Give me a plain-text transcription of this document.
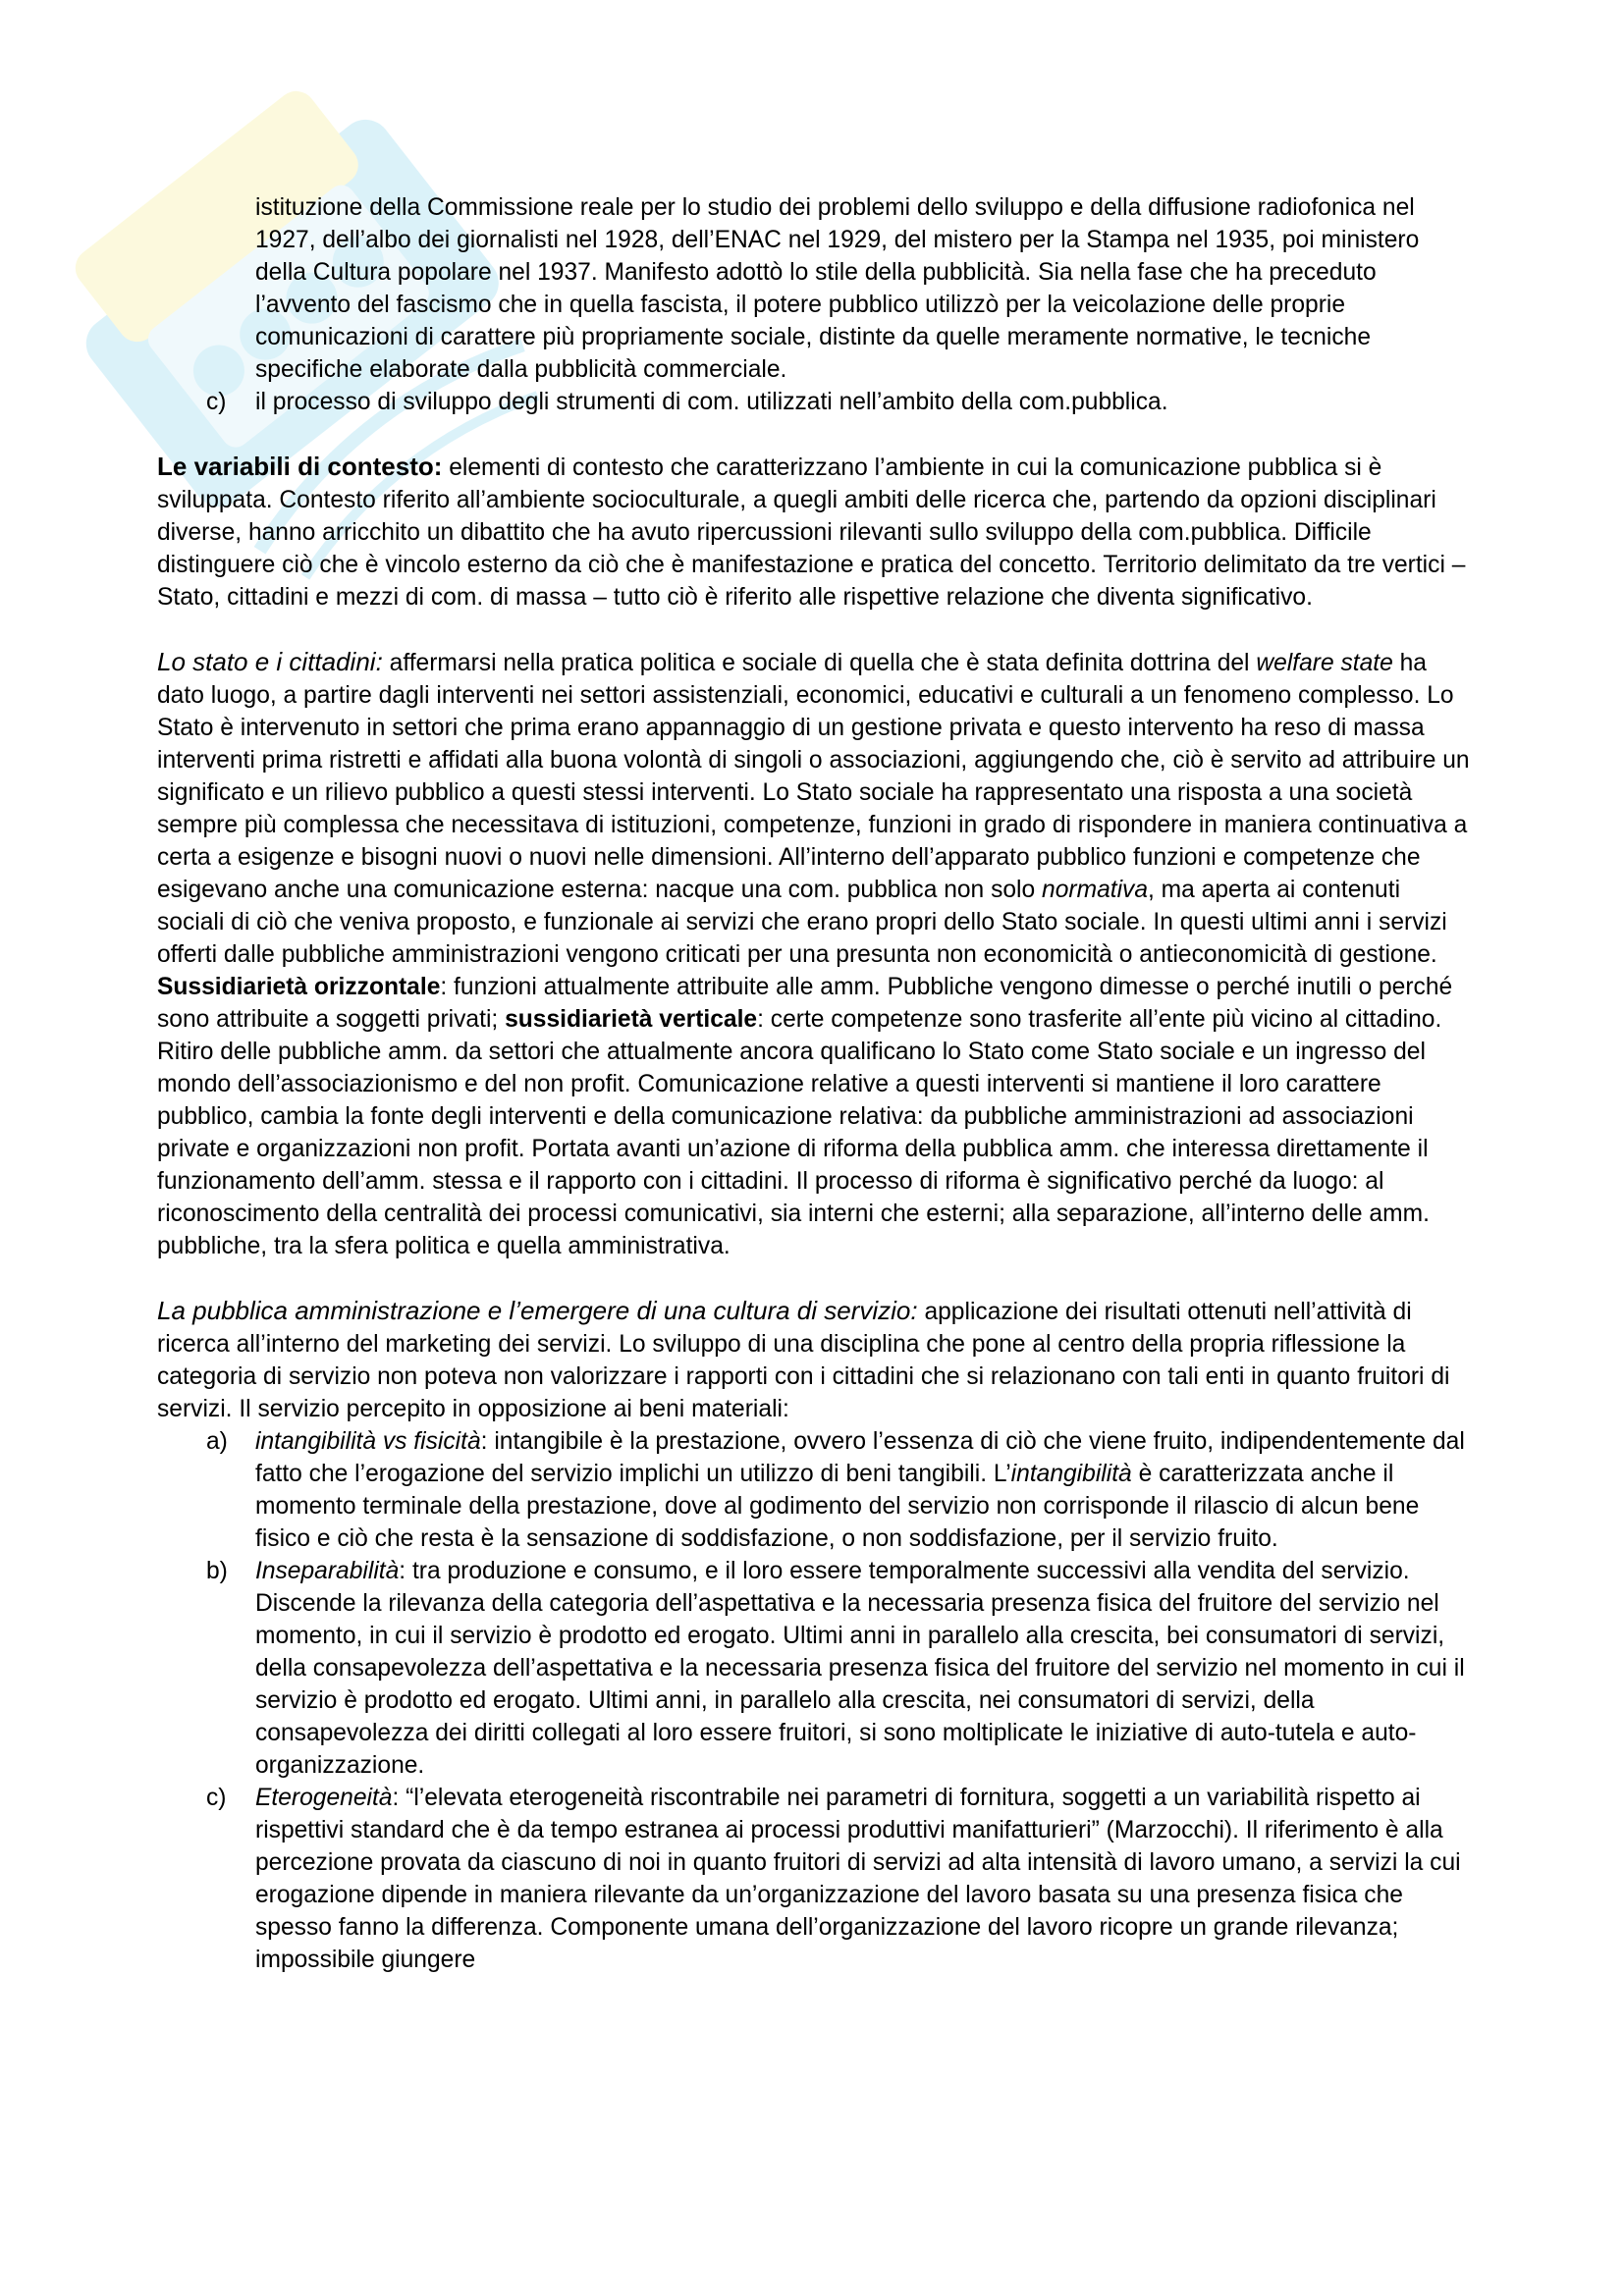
istituzione della Commissione reale per lo studio dei problemi dello sviluppo e della diffusione radiofonica nel 1927, dell’albo dei giornalisti nel 1928, dell’ENAC nel 1929, del mistero per la Stampa nel 1935, poi ministero della Cultura popolare nel 1937. Manifesto adottò lo stile della pubblicità. Sia nella fase che ha preceduto l’avvento del fascismo che in quella fascista, il potere pubblico utilizzò per la veicolazione delle proprie comunicazioni di carattere più propriamente sociale, distinte da quelle meramente normative, le tecniche specifiche elaborate dalla pubblicità commerciale.

c)	il processo di sviluppo degli strumenti di com. utilizzati nell’ambito della com.pubblica.

Le variabili di contesto: elementi di contesto che caratterizzano l’ambiente in cui la comunicazione pubblica si è sviluppata. Contesto riferito all’ambiente socioculturale, a quegli ambiti delle ricerca che, partendo da opzioni disciplinari diverse, hanno arricchito un dibattito che ha avuto ripercussioni rilevanti sullo sviluppo della com.pubblica. Difficile distinguere ciò che è vincolo esterno da ciò che è manifestazione e pratica del concetto. Territorio delimitato da tre vertici – Stato, cittadini e mezzi di com. di massa – tutto ciò è riferito alle rispettive relazione che diventa significativo.

Lo stato e i cittadini: affermarsi nella pratica politica e sociale di quella che è stata definita dottrina del welfare state ha dato luogo, a partire dagli interventi nei settori assistenziali, economici, educativi e culturali a un fenomeno complesso. Lo Stato è intervenuto in settori che prima erano appannaggio di un gestione privata e questo intervento ha reso di massa interventi prima ristretti e affidati alla buona volontà di singoli o associazioni, aggiungendo che, ciò è servito ad attribuire un significato e un rilievo pubblico a questi stessi interventi. Lo Stato sociale ha rappresentato una risposta a una società sempre più complessa che necessitava di istituzioni, competenze, funzioni in grado di rispondere in maniera continuativa a certa a esigenze e bisogni nuovi o nuovi nelle dimensioni. All’interno dell’apparato pubblico funzioni e competenze che esigevano anche una comunicazione esterna: nacque una com. pubblica non solo normativa, ma aperta ai contenuti sociali di ciò che veniva proposto, e funzionale ai servizi che erano propri dello Stato sociale. In questi ultimi anni i servizi offerti dalle pubbliche amministrazioni vengono criticati per una presunta non economicità o antieconomicità di gestione. Sussidiarietà orizzontale: funzioni attualmente attribuite alle amm. Pubbliche vengono dimesse o perché inutili o perché sono attribuite a soggetti privati; sussidiarietà verticale: certe competenze sono trasferite all’ente più vicino al cittadino.

Ritiro delle pubbliche amm. da settori che attualmente ancora qualificano lo Stato come Stato sociale e un ingresso del mondo dell’associazionismo e del non profit. Comunicazione relative a questi interventi si mantiene il loro carattere pubblico, cambia la fonte degli interventi e della comunicazione relativa: da pubbliche amministrazioni ad associazioni private e organizzazioni non profit. Portata avanti un’azione di riforma della pubblica amm. che interessa direttamente il funzionamento dell’amm. stessa e il rapporto con i cittadini. Il processo di riforma è significativo perché da luogo: al riconoscimento della centralità dei processi comunicativi, sia interni che esterni; alla separazione, all’interno delle amm. pubbliche, tra la sfera politica e quella amministrativa.

La pubblica amministrazione e l’emergere di una cultura di servizio: applicazione dei risultati ottenuti nell’attività di ricerca all’interno del marketing dei servizi. Lo sviluppo di una disciplina che pone al centro della propria riflessione la categoria di servizio non poteva non valorizzare i rapporti con i cittadini che si relazionano con tali enti in quanto fruitori di servizi. Il servizio percepito in opposizione ai beni materiali:

a)	intangibilità vs fisicità: intangibile è la prestazione, ovvero l’essenza di ciò che viene fruito, indipendentemente dal fatto che l’erogazione del servizio implichi un utilizzo di beni tangibili. L’intangibilità è caratterizzata anche il momento terminale della prestazione, dove al godimento del servizio non corrisponde il rilascio di alcun bene fisico e ciò che resta è la sensazione di soddisfazione, o non soddisfazione, per il servizio fruito.
b)	Inseparabilità: tra produzione e consumo, e il loro essere temporalmente successivi alla vendita del servizio. Discende la rilevanza della categoria dell’aspettativa e la necessaria presenza fisica del fruitore del servizio nel momento, in cui il servizio è prodotto ed erogato. Ultimi anni in parallelo alla crescita, bei consumatori di servizi, della consapevolezza dell’aspettativa e la necessaria presenza fisica del fruitore del servizio nel momento in cui il servizio è prodotto ed erogato. Ultimi anni, in parallelo alla crescita, nei consumatori di servizi, della consapevolezza dei diritti collegati al loro essere fruitori, si sono moltiplicate le iniziative di auto-tutela e auto-organizzazione.
c)	Eterogeneità: “l’elevata eterogeneità riscontrabile nei parametri di fornitura, soggetti a un variabilità rispetto ai rispettivi standard che è da tempo estranea ai processi produttivi manifatturieri” (Marzocchi). Il riferimento è alla percezione provata da ciascuno di noi in quanto fruitori di servizi ad alta intensità di lavoro umano, a servizi la cui erogazione dipende in maniera rilevante da un’organizzazione del lavoro basata su una presenza fisica che spesso fanno la differenza. Componente umana dell’organizzazione del lavoro ricopre un grande rilevanza; impossibile giungere
